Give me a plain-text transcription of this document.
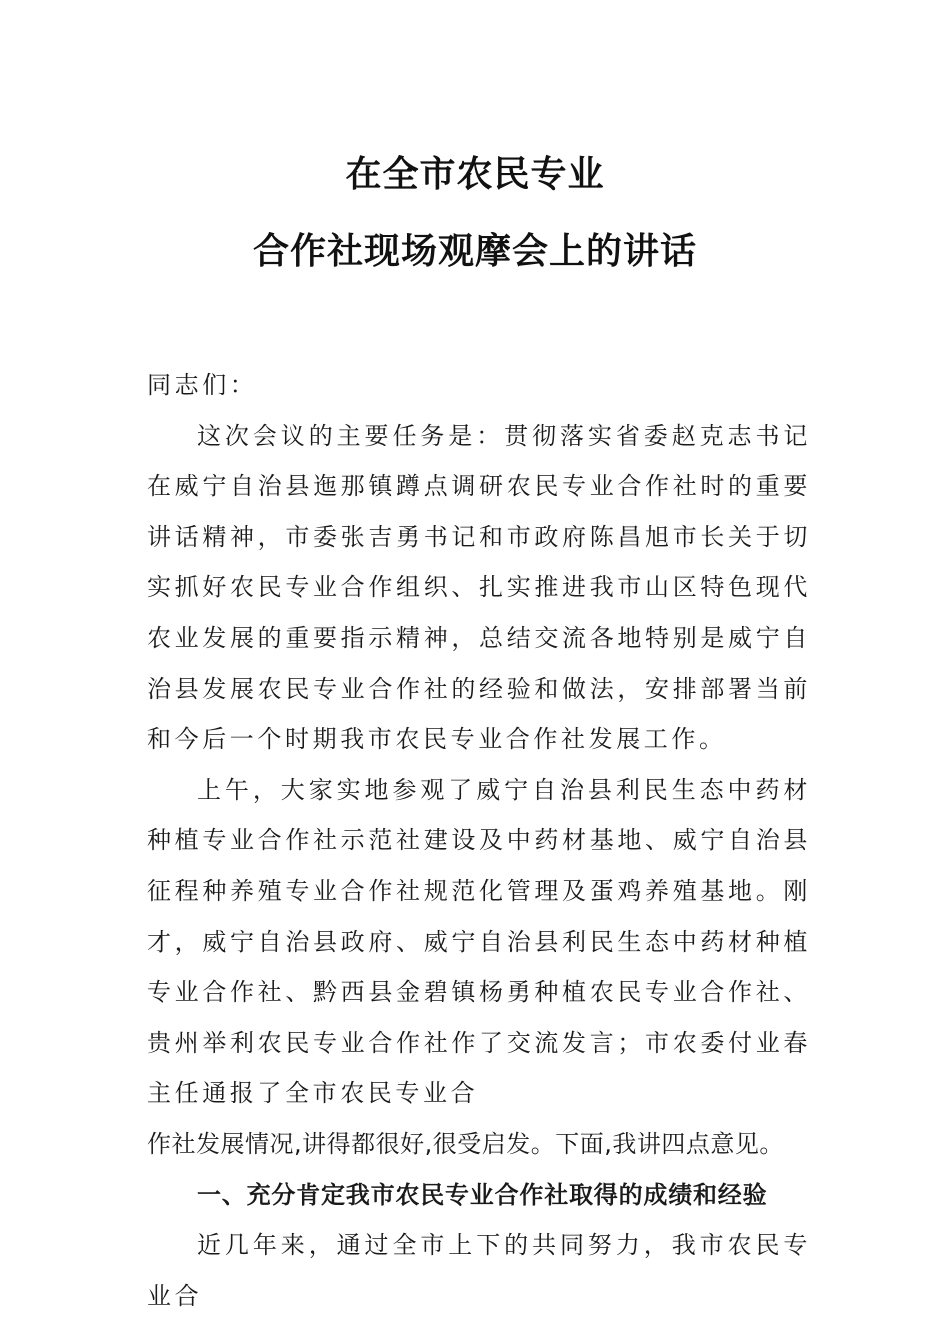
在全市农民专业
合作社现场观摩会上的讲话

同志们：

这次会议的主要任务是：贯彻落实省委赵克志书记在威宁自治县迤那镇蹲点调研农民专业合作社时的重要讲话精神，市委张吉勇书记和市政府陈昌旭市长关于切实抓好农民专业合作组织、扎实推进我市山区特色现代农业发展的重要指示精神，总结交流各地特别是威宁自治县发展农民专业合作社的经验和做法，安排部署当前和今后一个时期我市农民专业合作社发展工作。

上午，大家实地参观了威宁自治县利民生态中药材种植专业合作社示范社建设及中药材基地、威宁自治县征程种养殖专业合作社规范化管理及蛋鸡养殖基地。刚才，威宁自治县政府、威宁自治县利民生态中药材种植专业合作社、黔西县金碧镇杨勇种植农民专业合作社、贵州举利农民专业合作社作了交流发言；市农委付业春主任通报了全市农民专业合

作社发展情况,讲得都很好,很受启发。下面,我讲四点意见。

一、充分肯定我市农民专业合作社取得的成绩和经验

近几年来，通过全市上下的共同努力，我市农民专业合
